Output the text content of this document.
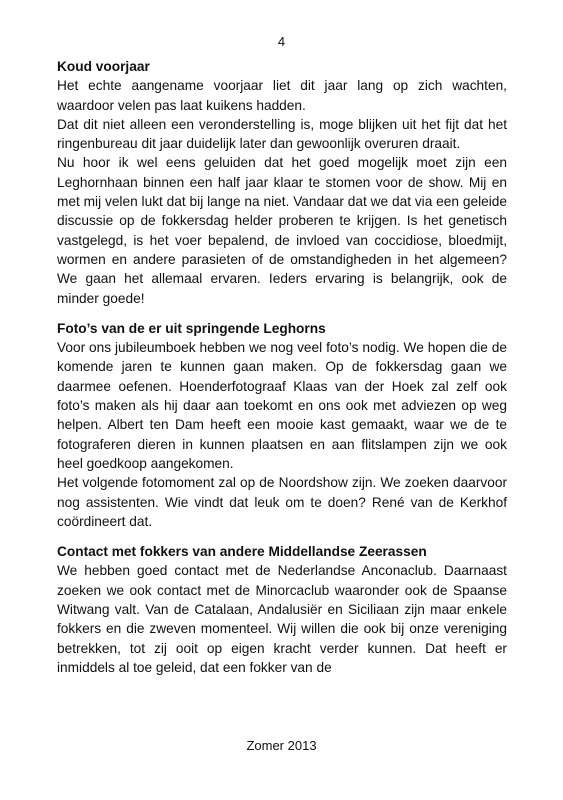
4

Koud voorjaar

Het echte aangename voorjaar liet dit jaar lang op zich wachten, waardoor velen pas laat kuikens hadden.

Dat dit niet alleen een veronderstelling is, moge blijken uit het fijt dat het ringenbureau dit jaar duidelijk later dan gewoonlijk overuren draait.

Nu hoor ik wel eens geluiden dat het goed mogelijk moet zijn een Leghornhaan binnen een half jaar klaar te stomen voor de show. Mij en met mij velen lukt dat bij lange na niet. Vandaar dat we dat via een geleide discussie op de fokkersdag helder proberen te krijgen. Is het genetisch vastgelegd, is het voer bepalend, de invloed van coccidiose, bloedmijt, wormen en andere parasieten of de omstandigheden in het algemeen? We gaan het allemaal ervaren. Ieders ervaring is belangrijk, ook de minder goede!

Foto’s van de er uit springende Leghorns

Voor ons jubileumboek hebben we nog veel foto’s nodig. We hopen die de komende jaren te kunnen gaan maken. Op de fokkersdag gaan we daarmee oefenen. Hoenderfotograaf Klaas van der Hoek zal zelf ook foto’s maken als hij daar aan toekomt en ons ook met adviezen op weg helpen. Albert ten Dam heeft een mooie kast gemaakt, waar we de te fotograferen dieren in kunnen plaatsen en aan flitslampen zijn we ook heel goedkoop aangekomen.

Het volgende fotomoment zal op de Noordshow zijn. We zoeken daarvoor nog assistenten. Wie vindt dat leuk om te doen? René van de Kerkhof coördineert dat.

Contact met fokkers van andere Middellandse Zeerassen

We hebben goed contact met de Nederlandse Anconaclub. Daarnaast zoeken we ook contact met de Minorcaclub waaronder ook de Spaanse Witwang valt. Van de Catalaan, Andalusiër en Siciliaan zijn maar enkele fokkers en die zweven momenteel. Wij willen die ook bij onze vereniging betrekken, tot zij ooit op eigen kracht verder kunnen. Dat heeft er inmiddels al toe geleid, dat een fokker van de

Zomer 2013
